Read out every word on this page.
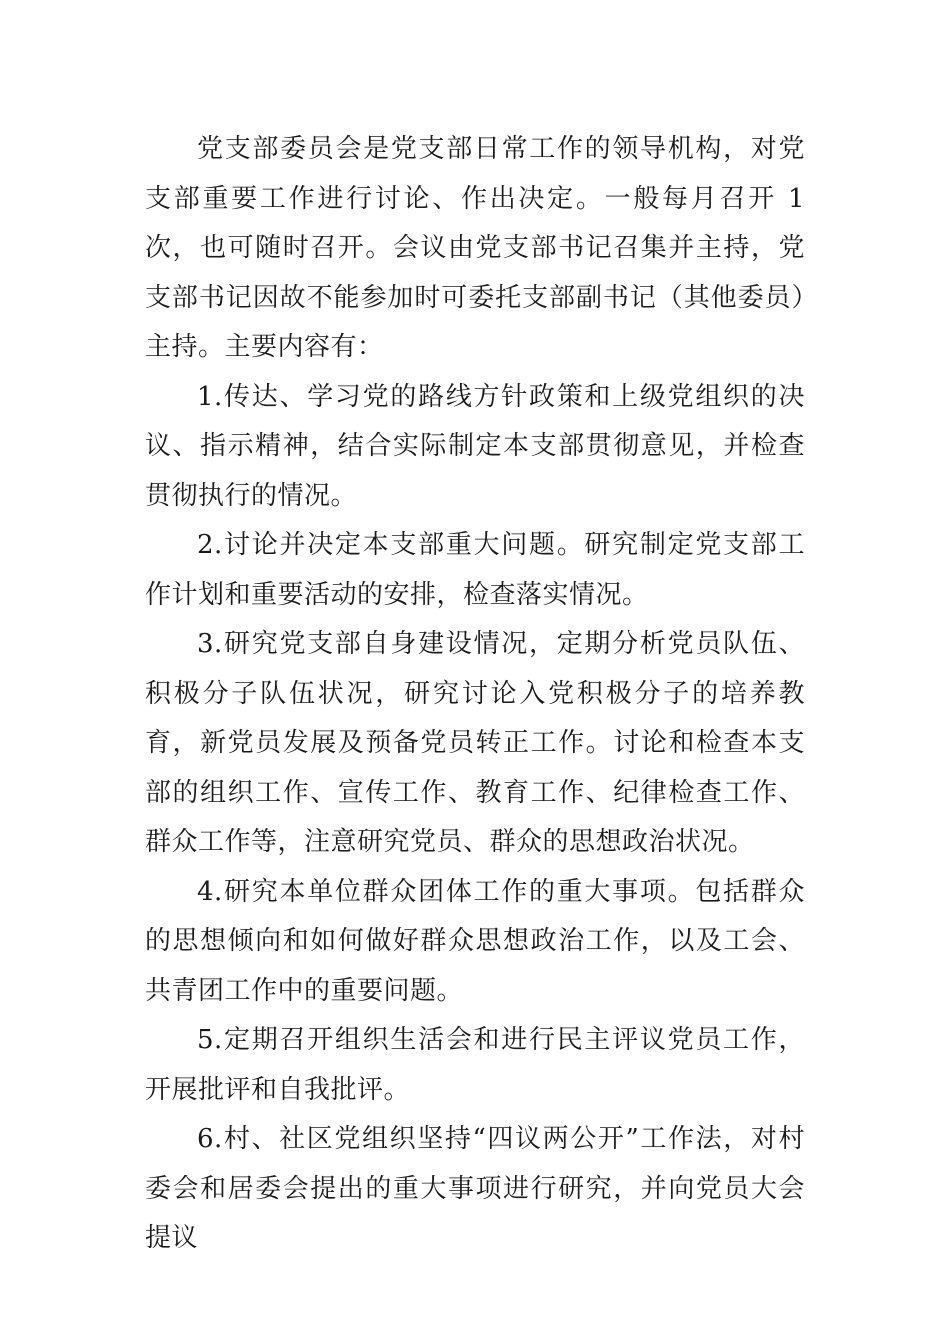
党支部委员会是党支部日常工作的领导机构，对党支部重要工作进行讨论、作出决定。一般每月召开 1 次，也可随时召开。会议由党支部书记召集并主持，党支部书记因故不能参加时可委托支部副书记（其他委员）主持。主要内容有：

1.传达、学习党的路线方针政策和上级党组织的决议、指示精神，结合实际制定本支部贯彻意见，并检查贯彻执行的情况。

2.讨论并决定本支部重大问题。研究制定党支部工作计划和重要活动的安排，检查落实情况。

3.研究党支部自身建设情况，定期分析党员队伍、积极分子队伍状况，研究讨论入党积极分子的培养教育，新党员发展及预备党员转正工作。讨论和检查本支部的组织工作、宣传工作、教育工作、纪律检查工作、群众工作等，注意研究党员、群众的思想政治状况。

4.研究本单位群众团体工作的重大事项。包括群众的思想倾向和如何做好群众思想政治工作，以及工会、共青团工作中的重要问题。

5.定期召开组织生活会和进行民主评议党员工作，开展批评和自我批评。

6.村、社区党组织坚持“四议两公开”工作法，对村委会和居委会提出的重大事项进行研究，并向党员大会提议
